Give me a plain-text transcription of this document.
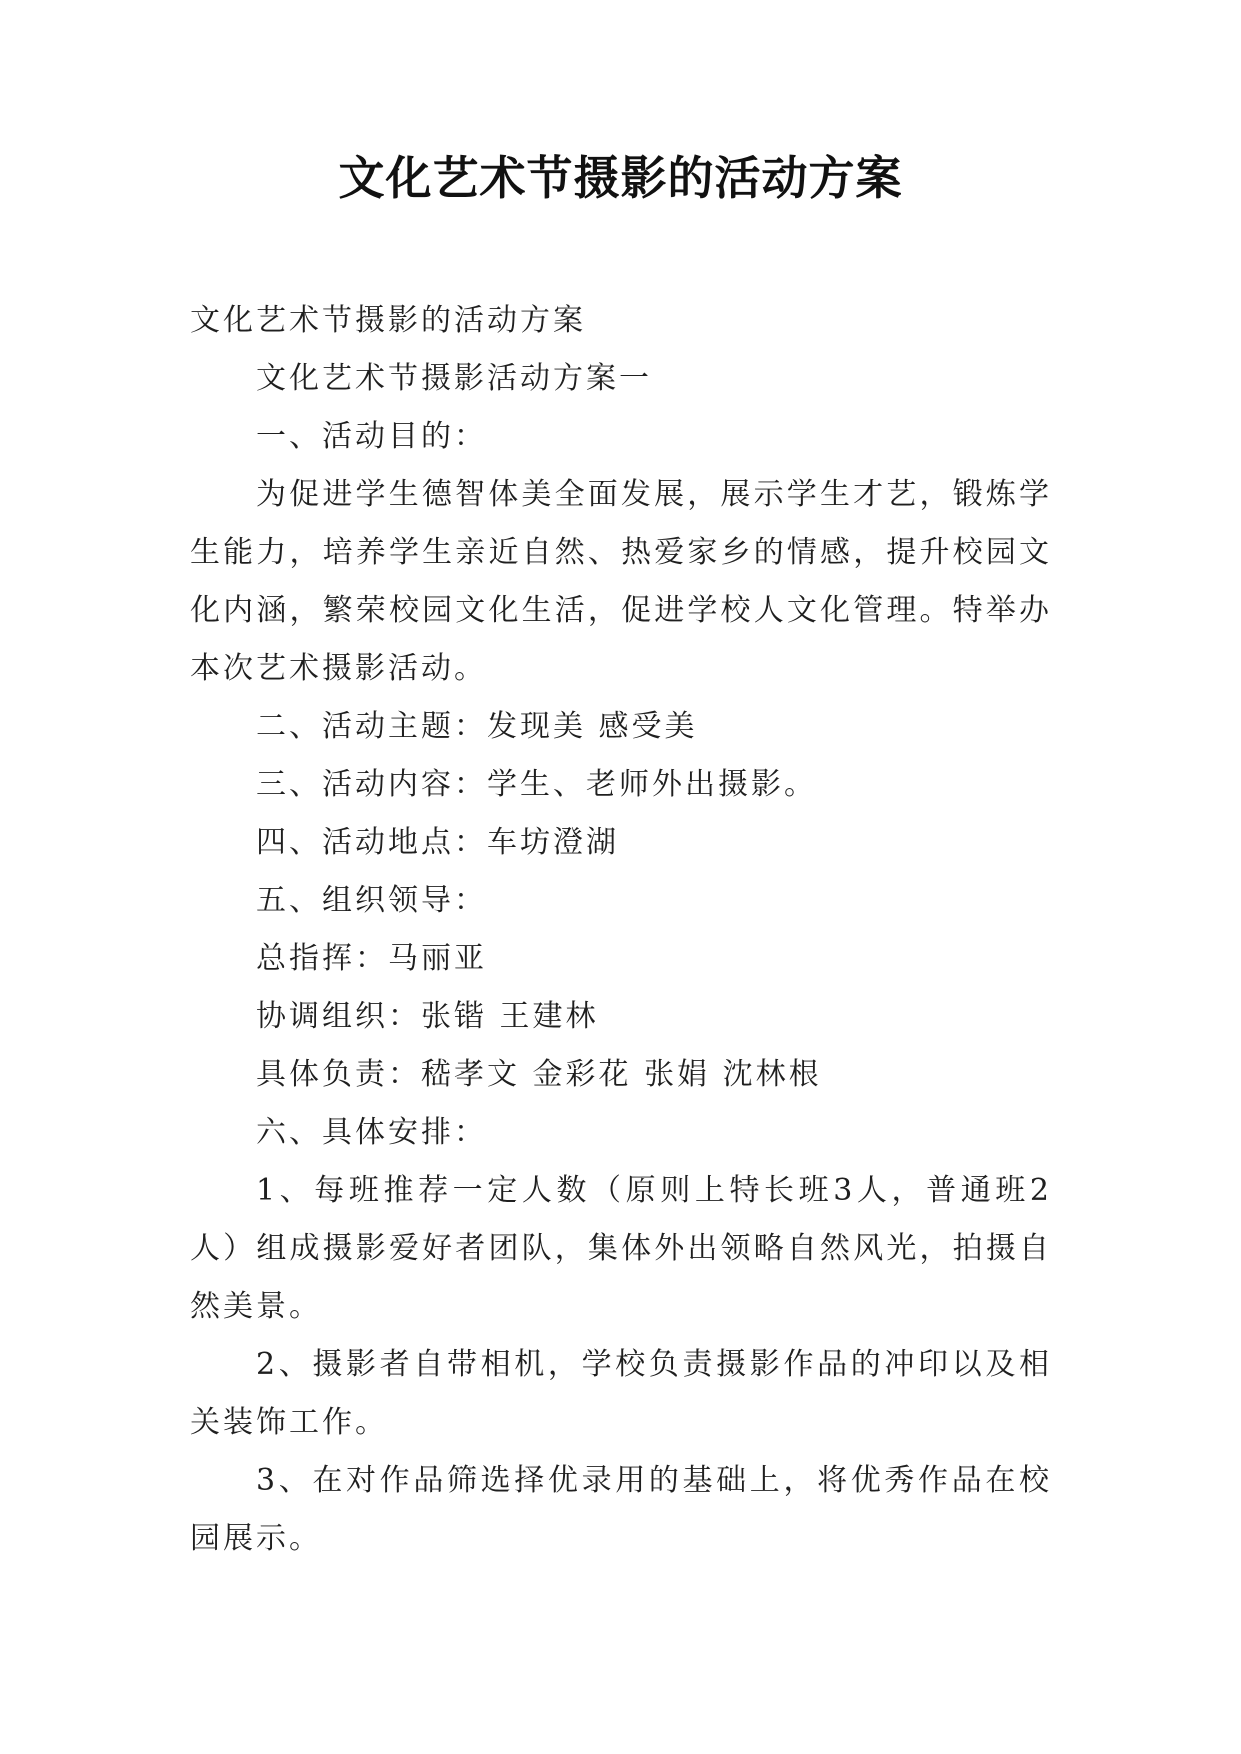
文化艺术节摄影的活动方案

文化艺术节摄影的活动方案

文化艺术节摄影活动方案一

一、活动目的：

为促进学生德智体美全面发展，展示学生才艺，锻炼学生能力，培养学生亲近自然、热爱家乡的情感，提升校园文化内涵，繁荣校园文化生活，促进学校人文化管理。特举办本次艺术摄影活动。

二、活动主题：发现美 感受美

三、活动内容：学生、老师外出摄影。

四、活动地点：车坊澄湖

五、组织领导：

总指挥：马丽亚

协调组织：张锴 王建林

具体负责：嵇孝文 金彩花 张娟 沈林根

六、具体安排：

1、每班推荐一定人数（原则上特长班3人，普通班2人）组成摄影爱好者团队，集体外出领略自然风光，拍摄自然美景。

2、摄影者自带相机，学校负责摄影作品的冲印以及相关装饰工作。

3、在对作品筛选择优录用的基础上，将优秀作品在校园展示。
